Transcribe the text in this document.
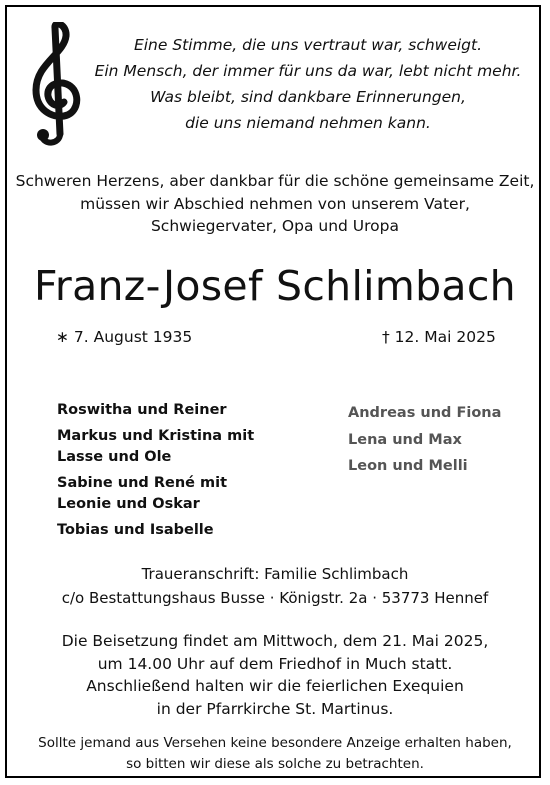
Eine Stimme, die uns vertraut war, schweigt.
Ein Mensch, der immer für uns da war, lebt nicht mehr.
Was bleibt, sind dankbare Erinnerungen,
die uns niemand nehmen kann.
Schweren Herzens, aber dankbar für die schöne gemeinsame Zeit,
müssen wir Abschied nehmen von unserem Vater,
Schwiegervater, Opa und Uropa
Franz-Josef Schlimbach
∗ 7. August 1935	† 12. Mai 2025
Roswitha und Reiner
Markus und Kristina mit
Lasse und Ole
Sabine und René mit
Leonie und Oskar
Tobias und Isabelle
Andreas und Fiona
Lena und Max
Leon und Melli
Traueranschrift: Familie Schlimbach
c/o Bestattungshaus Busse · Königstr. 2a · 53773 Hennef
Die Beisetzung findet am Mittwoch, dem 21. Mai 2025,
um 14.00 Uhr auf dem Friedhof in Much statt.
Anschließend halten wir die feierlichen Exequien
in der Pfarrkirche St. Martinus.
Sollte jemand aus Versehen keine besondere Anzeige erhalten haben,
so bitten wir diese als solche zu betrachten.
